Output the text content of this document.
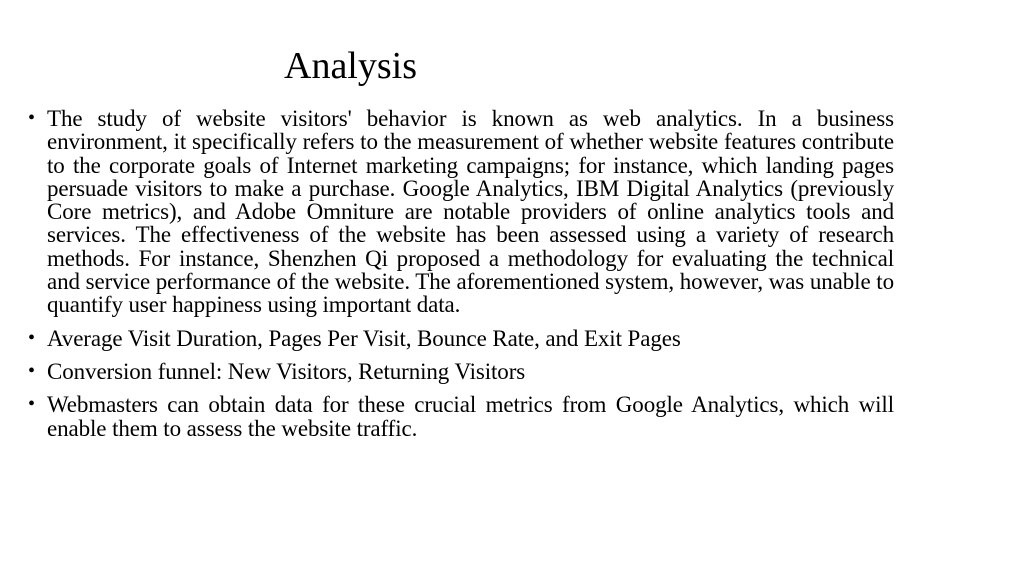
Analysis
• The study of website visitors' behavior is known as web analytics. In a business environment, it specifically refers to the measurement of whether website features contribute to the corporate goals of Internet marketing campaigns; for instance, which landing pages persuade visitors to make a purchase. Google Analytics, IBM Digital Analytics (previously Core metrics), and Adobe Omniture are notable providers of online analytics tools and services. The effectiveness of the website has been assessed using a variety of research methods. For instance, Shenzhen Qi proposed a methodology for evaluating the technical and service performance of the website. The aforementioned system, however, was unable to quantify user happiness using important data.
• Average Visit Duration, Pages Per Visit, Bounce Rate, and Exit Pages
• Conversion funnel: New Visitors, Returning Visitors
• Webmasters can obtain data for these crucial metrics from Google Analytics, which will enable them to assess the website traffic.
